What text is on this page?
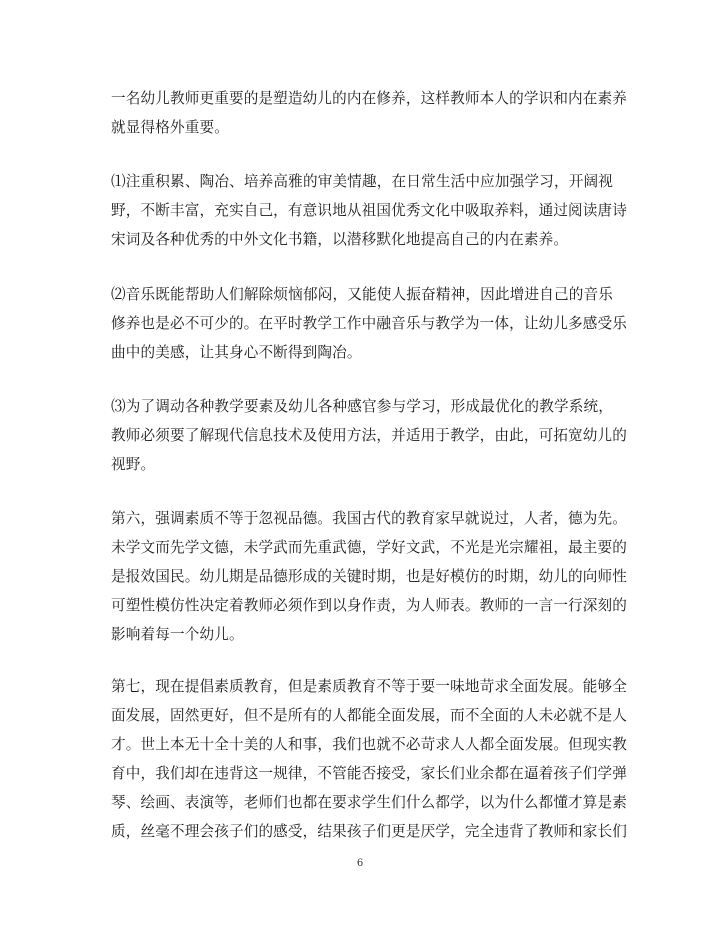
一名幼儿教师更重要的是塑造幼儿的内在修养，这样教师本人的学识和内在素养
就显得格外重要。

⑴注重积累、陶冶、培养高雅的审美情趣，在日常生活中应加强学习，开阔视
野，不断丰富，充实自己，有意识地从祖国优秀文化中吸取养料，通过阅读唐诗
宋词及各种优秀的中外文化书籍，以潜移默化地提高自己的内在素养。

⑵音乐既能帮助人们解除烦恼郁闷，又能使人振奋精神，因此增进自己的音乐
修养也是必不可少的。在平时教学工作中融音乐与教学为一体，让幼儿多感受乐
曲中的美感，让其身心不断得到陶冶。

⑶为了调动各种教学要素及幼儿各种感官参与学习，形成最优化的教学系统，
教师必须要了解现代信息技术及使用方法，并适用于教学，由此，可拓宽幼儿的
视野。

第六，强调素质不等于忽视品德。我国古代的教育家早就说过，人者，德为先。
未学文而先学文德，未学武而先重武德，学好文武，不光是光宗耀祖，最主要的
是报效国民。幼儿期是品德形成的关键时期，也是好模仿的时期，幼儿的向师性
可塑性模仿性决定着教师必须作到以身作责，为人师表。教师的一言一行深刻的
影响着每一个幼儿。

第七，现在提倡素质教育，但是素质教育不等于要一味地苛求全面发展。能够全
面发展，固然更好，但不是所有的人都能全面发展，而不全面的人未必就不是人
才。世上本无十全十美的人和事，我们也就不必苛求人人都全面发展。但现实教
育中，我们却在违背这一规律，不管能否接受，家长们业余都在逼着孩子们学弹
琴、绘画、表演等，老师们也都在要求学生们什么都学，以为什么都懂才算是素
质，丝毫不理会孩子们的感受，结果孩子们更是厌学，完全违背了教师和家长们

6
